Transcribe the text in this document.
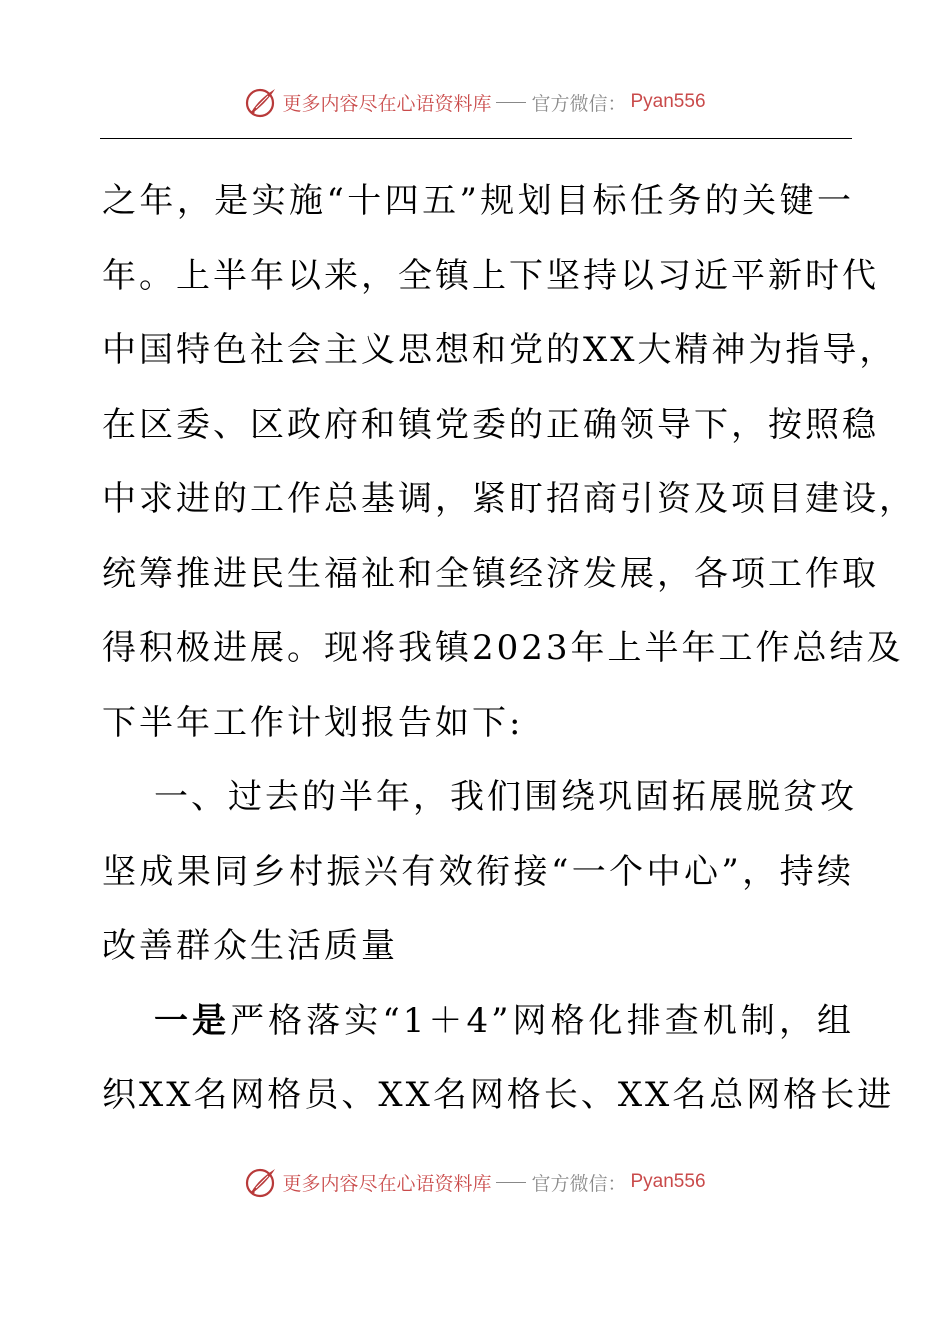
更多内容尽在心语资料库 官方微信： Pyan556
之年，是实施“十四五”规划目标任务的关键一
年。上半年以来，全镇上下坚持以习近平新时代
中国特色社会主义思想和党的XX大精神为指导，
在区委、区政府和镇党委的正确领导下，按照稳
中求进的工作总基调，紧盯招商引资及项目建设，
统筹推进民生福祉和全镇经济发展，各项工作取
得积极进展。现将我镇2023年上半年工作总结及
下半年工作计划报告如下:
一、过去的半年，我们围绕巩固拓展脱贫攻
坚成果同乡村振兴有效衔接“一个中心”，持续
改善群众生活质量
一是严格落实“1＋4”网格化排查机制，组
织XX名网格员、XX名网格长、XX名总网格长进
更多内容尽在心语资料库 官方微信： Pyan556
